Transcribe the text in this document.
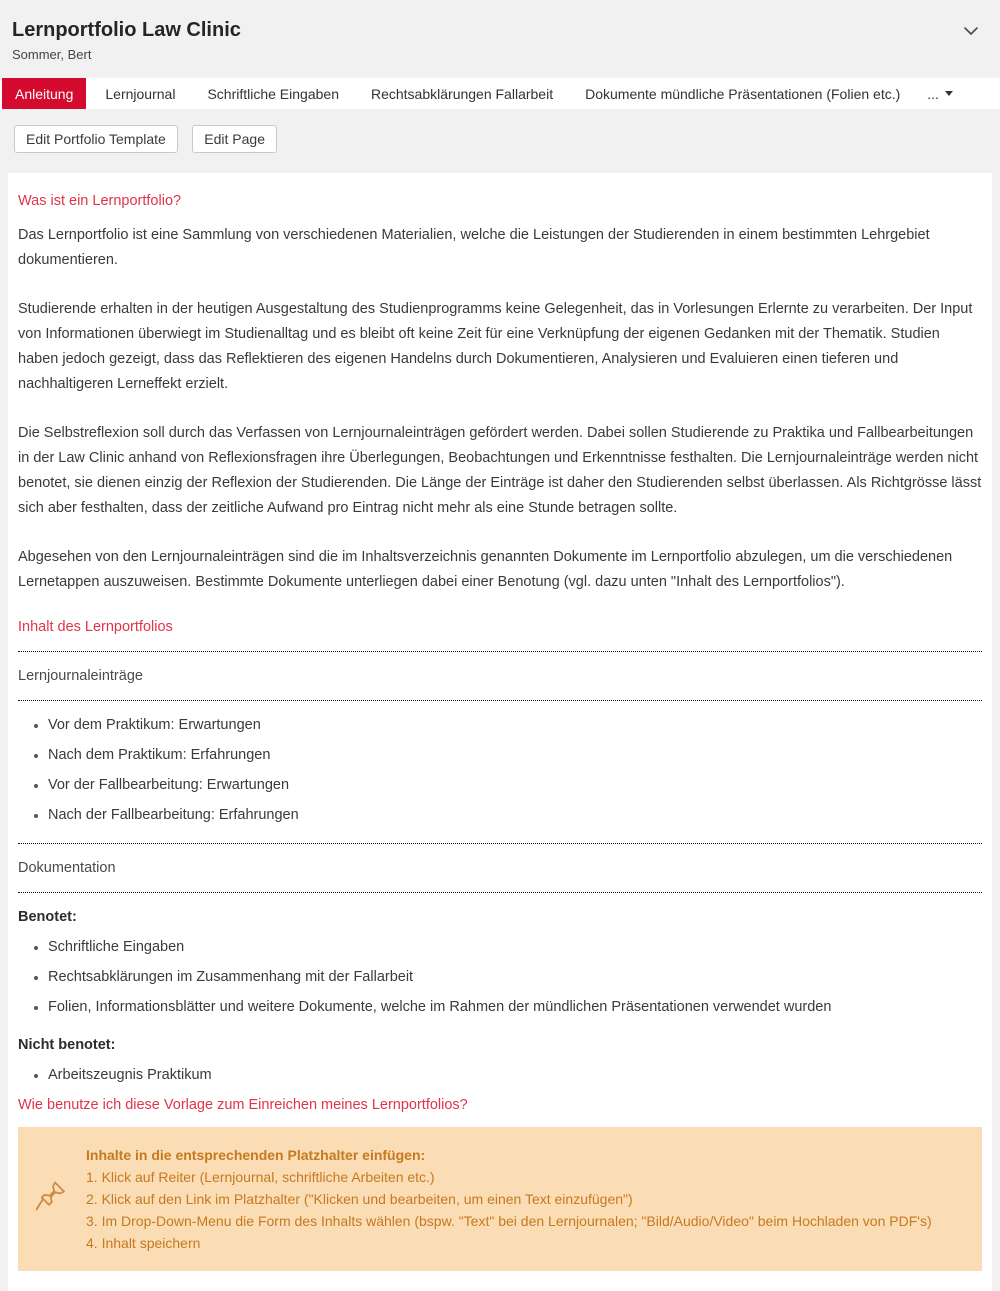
Lernportfolio Law Clinic
Sommer, Bert
Anleitung	Lernjournal	Schriftliche Eingaben	Rechtsabklärungen Fallarbeit	Dokumente mündliche Präsentationen (Folien etc.)	...
Edit Portfolio Template	Edit Page
Was ist ein Lernportfolio?

Das Lernportfolio ist eine Sammlung von verschiedenen Materialien, welche die Leistungen der Studierenden in einem bestimmten Lehrgebiet dokumentieren.

Studierende erhalten in der heutigen Ausgestaltung des Studienprogramms keine Gelegenheit, das in Vorlesungen Erlernte zu verarbeiten. Der Input von Informationen überwiegt im Studienalltag und es bleibt oft keine Zeit für eine Verknüpfung der eigenen Gedanken mit der Thematik. Studien haben jedoch gezeigt, dass das Reflektieren des eigenen Handelns durch Dokumentieren, Analysieren und Evaluieren einen tieferen und nachhaltigeren Lerneffekt erzielt.

Die Selbstreflexion soll durch das Verfassen von Lernjournaleinträgen gefördert werden. Dabei sollen Studierende zu Praktika und Fallbearbeitungen in der Law Clinic anhand von Reflexionsfragen ihre Überlegungen, Beobachtungen und Erkenntnisse festhalten. Die Lernjournaleinträge werden nicht benotet, sie dienen einzig der Reflexion der Studierenden. Die Länge der Einträge ist daher den Studierenden selbst überlassen. Als Richtgrösse lässt sich aber festhalten, dass der zeitliche Aufwand pro Eintrag nicht mehr als eine Stunde betragen sollte.

Abgesehen von den Lernjournaleinträgen sind die im Inhaltsverzeichnis genannten Dokumente im Lernportfolio abzulegen, um die verschiedenen Lernetappen auszuweisen. Bestimmte Dokumente unterliegen dabei einer Benotung (vgl. dazu unten "Inhalt des Lernportfolios").

Inhalt des Lernportfolios
Lernjournaleinträge
• Vor dem Praktikum: Erwartungen
• Nach dem Praktikum: Erfahrungen
• Vor der Fallbearbeitung: Erwartungen
• Nach der Fallbearbeitung: Erfahrungen
Dokumentation
Benotet:
• Schriftliche Eingaben
• Rechtsabklärungen im Zusammenhang mit der Fallarbeit
• Folien, Informationsblätter und weitere Dokumente, welche im Rahmen der mündlichen Präsentationen verwendet wurden
Nicht benotet:
• Arbeitszeugnis Praktikum
Wie benutze ich diese Vorlage zum Einreichen meines Lernportfolios?
Inhalte in die entsprechenden Platzhalter einfügen:
1. Klick auf Reiter (Lernjournal, schriftliche Arbeiten etc.)
2. Klick auf den Link im Platzhalter ("Klicken und bearbeiten, um einen Text einzufügen")
3. Im Drop-Down-Menu die Form des Inhalts wählen (bspw. "Text" bei den Lernjournalen; "Bild/Audio/Video" beim Hochladen von PDF's)
4. Inhalt speichern
